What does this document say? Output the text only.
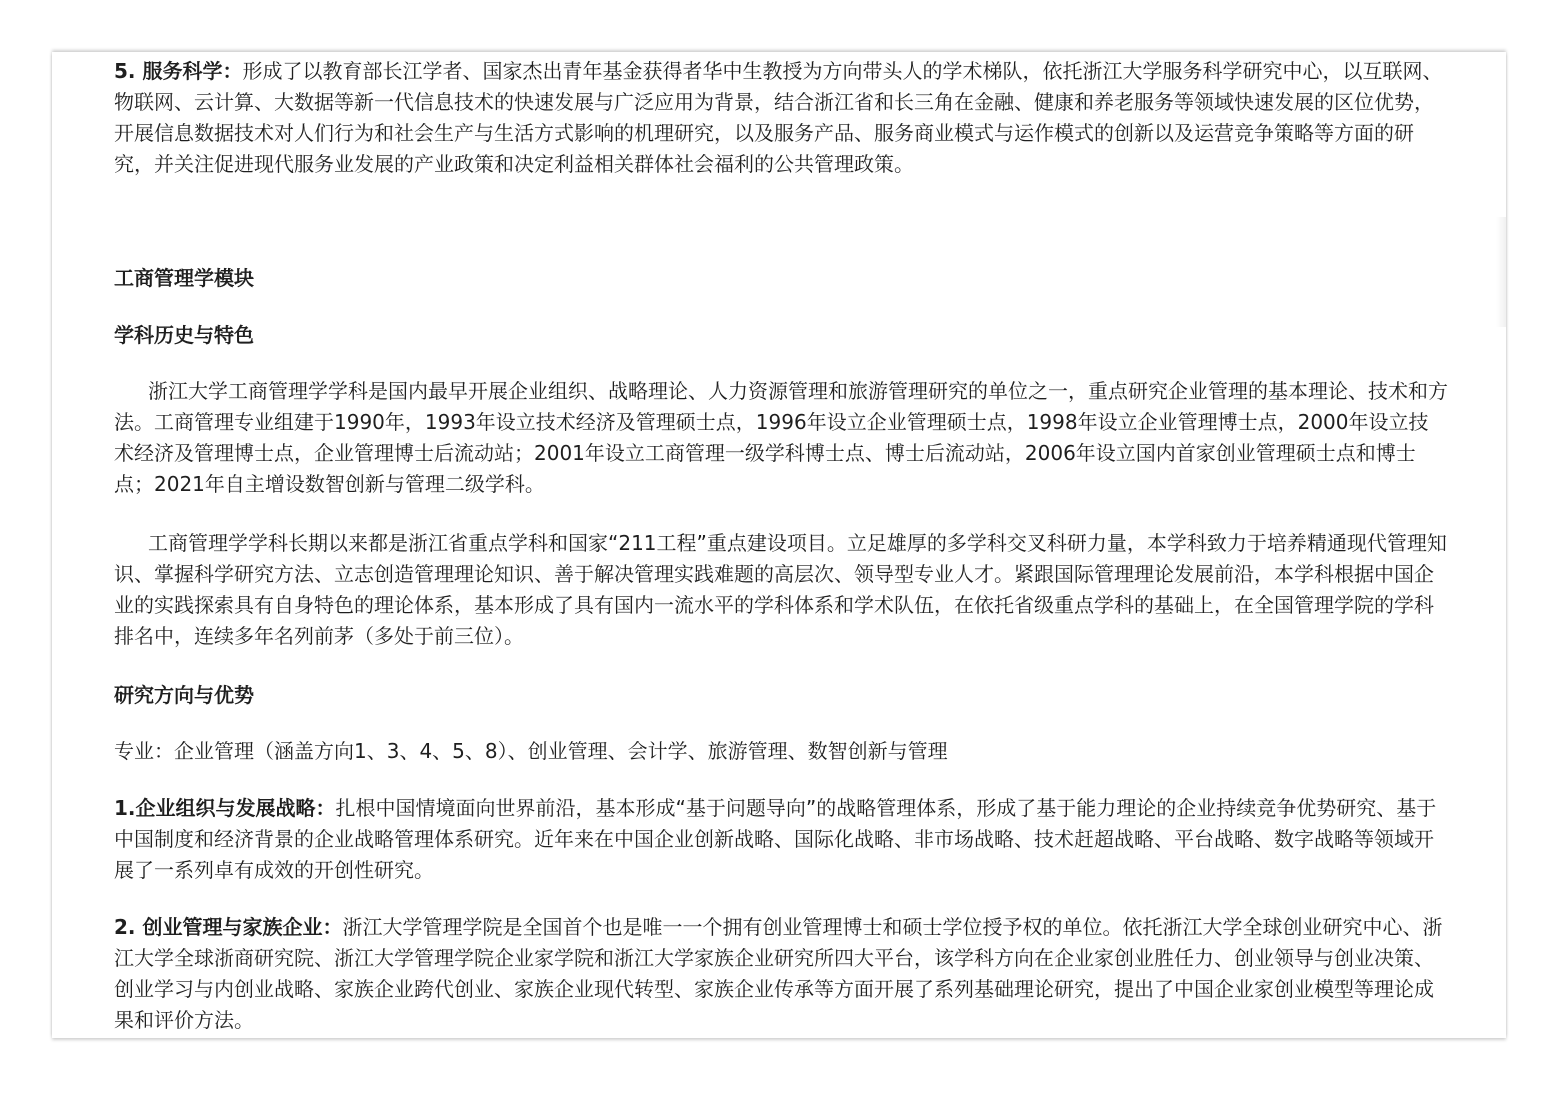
5. 服务科学：形成了以教育部长江学者、国家杰出青年基金获得者华中生教授为方向带头人的学术梯队，依托浙江大学服务科学研究中心，以互联网、物联网、云计算、大数据等新一代信息技术的快速发展与广泛应用为背景，结合浙江省和长三角在金融、健康和养老服务等领域快速发展的区位优势，开展信息数据技术对人们行为和社会生产与生活方式影响的机理研究，以及服务产品、服务商业模式与运作模式的创新以及运营竞争策略等方面的研究，并关注促进现代服务业发展的产业政策和决定利益相关群体社会福利的公共管理政策。

工商管理学模块

学科历史与特色

浙江大学工商管理学学科是国内最早开展企业组织、战略理论、人力资源管理和旅游管理研究的单位之一，重点研究企业管理的基本理论、技术和方法。工商管理专业组建于1990年，1993年设立技术经济及管理硕士点，1996年设立企业管理硕士点，1998年设立企业管理博士点，2000年设立技术经济及管理博士点，企业管理博士后流动站；2001年设立工商管理一级学科博士点、博士后流动站，2006年设立国内首家创业管理硕士点和博士点；2021年自主增设数智创新与管理二级学科。

工商管理学学科长期以来都是浙江省重点学科和国家“211工程”重点建设项目。立足雄厚的多学科交叉科研力量，本学科致力于培养精通现代管理知识、掌握科学研究方法、立志创造管理理论知识、善于解决管理实践难题的高层次、领导型专业人才。紧跟国际管理理论发展前沿，本学科根据中国企业的实践探索具有自身特色的理论体系，基本形成了具有国内一流水平的学科体系和学术队伍，在依托省级重点学科的基础上，在全国管理学院的学科排名中，连续多年名列前茅（多处于前三位）。

研究方向与优势

专业：企业管理（涵盖方向1、3、4、5、8）、创业管理、会计学、旅游管理、数智创新与管理

1.企业组织与发展战略：扎根中国情境面向世界前沿，基本形成“基于问题导向”的战略管理体系，形成了基于能力理论的企业持续竞争优势研究、基于中国制度和经济背景的企业战略管理体系研究。近年来在中国企业创新战略、国际化战略、非市场战略、技术赶超战略、平台战略、数字战略等领域开展了一系列卓有成效的开创性研究。

2. 创业管理与家族企业：浙江大学管理学院是全国首个也是唯一一个拥有创业管理博士和硕士学位授予权的单位。依托浙江大学全球创业研究中心、浙江大学全球浙商研究院、浙江大学管理学院企业家学院和浙江大学家族企业研究所四大平台，该学科方向在企业家创业胜任力、创业领导与创业决策、创业学习与内创业战略、家族企业跨代创业、家族企业现代转型、家族企业传承等方面开展了系列基础理论研究，提出了中国企业家创业模型等理论成果和评价方法。
